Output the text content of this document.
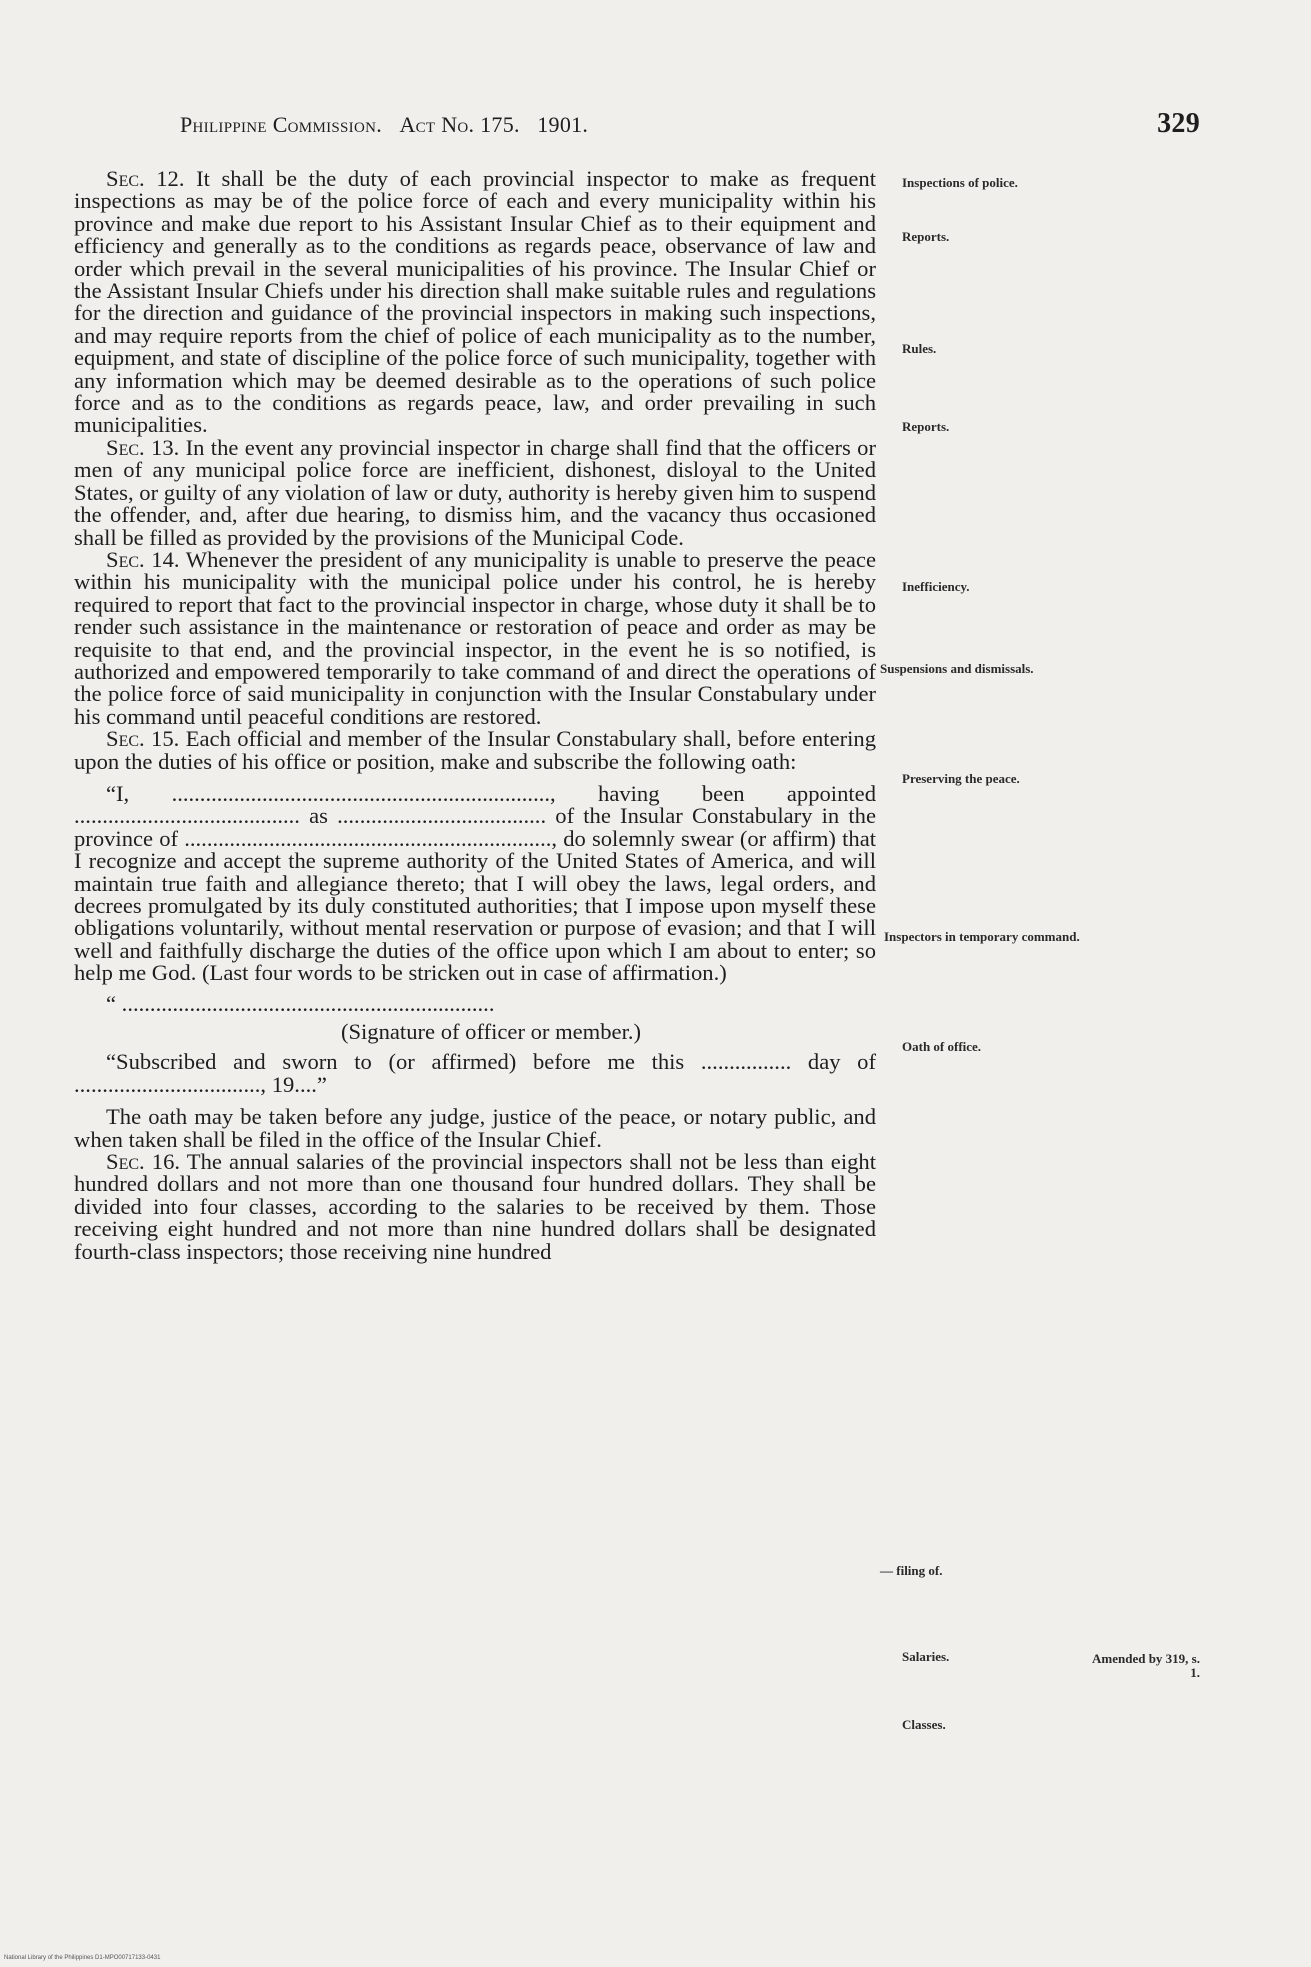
Philippine Commission. Act No. 175. 1901.	329

Sec. 12. It shall be the duty of each provincial inspector to make as frequent inspections as may be of the police force of each and every municipality within his province and make due report to his Assistant Insular Chief as to their equipment and efficiency and generally as to the conditions as regards peace, observance of law and order which prevail in the several municipalities of his province. The Insular Chief or the Assistant Insular Chiefs under his direction shall make suitable rules and regulations for the direction and guidance of the provincial inspectors in making such inspections, and may require reports from the chief of police of each municipality as to the number, equipment, and state of discipline of the police force of such municipality, together with any information which may be deemed desirable as to the operations of such police force and as to the conditions as regards peace, law, and order prevailing in such municipalities.

Sec. 13. In the event any provincial inspector in charge shall find that the officers or men of any municipal police force are inefficient, dishonest, disloyal to the United States, or guilty of any violation of law or duty, authority is hereby given him to suspend the offender, and, after due hearing, to dismiss him, and the vacancy thus occasioned shall be filled as provided by the provisions of the Municipal Code.

Sec. 14. Whenever the president of any municipality is unable to preserve the peace within his municipality with the municipal police under his control, he is hereby required to report that fact to the provincial inspector in charge, whose duty it shall be to render such assistance in the maintenance or restoration of peace and order as may be requisite to that end, and the provincial inspector, in the event he is so notified, is authorized and empowered temporarily to take command of and direct the operations of the police force of said municipality in conjunction with the Insular Constabulary under his command until peaceful conditions are restored.

Sec. 15. Each official and member of the Insular Constabulary shall, before entering upon the duties of his office or position, make and subscribe the following oath:

“I, ..................................................................., having been appointed ........................................ as ..................................... of the Insular Constabulary in the province of ................................................................., do solemnly swear (or affirm) that I recognize and accept the supreme authority of the United States of America, and will maintain true faith and allegiance thereto; that I will obey the laws, legal orders, and decrees promulgated by its duly constituted authorities; that I impose upon myself these obligations voluntarily, without mental reservation or purpose of evasion; and that I will well and faithfully discharge the duties of the office upon which I am about to enter; so help me God. (Last four words to be stricken out in case of affirmation.)

“ ..................................................................

(Signature of officer or member.)

“Subscribed and sworn to (or affirmed) before me this ................ day of ................................., 19....”

The oath may be taken before any judge, justice of the peace, or notary public, and when taken shall be filed in the office of the Insular Chief.

Sec. 16. The annual salaries of the provincial inspectors shall not be less than eight hundred dollars and not more than one thousand four hundred dollars. They shall be divided into four classes, according to the salaries to be received by them. Those receiving eight hundred and not more than nine hundred dollars shall be designated fourth-class inspectors; those receiving nine hundred

Inspections of police.
Reports.
Rules.
Reports.
Inefficiency.
Suspensions and dismissals.
Preserving the peace.
Inspectors in temporary command.
Oath of office.
— filing of.
Salaries.
Classes.
Amended by 319, s. 1.
National Library of the Philippines D1-MPO00717133-0431
